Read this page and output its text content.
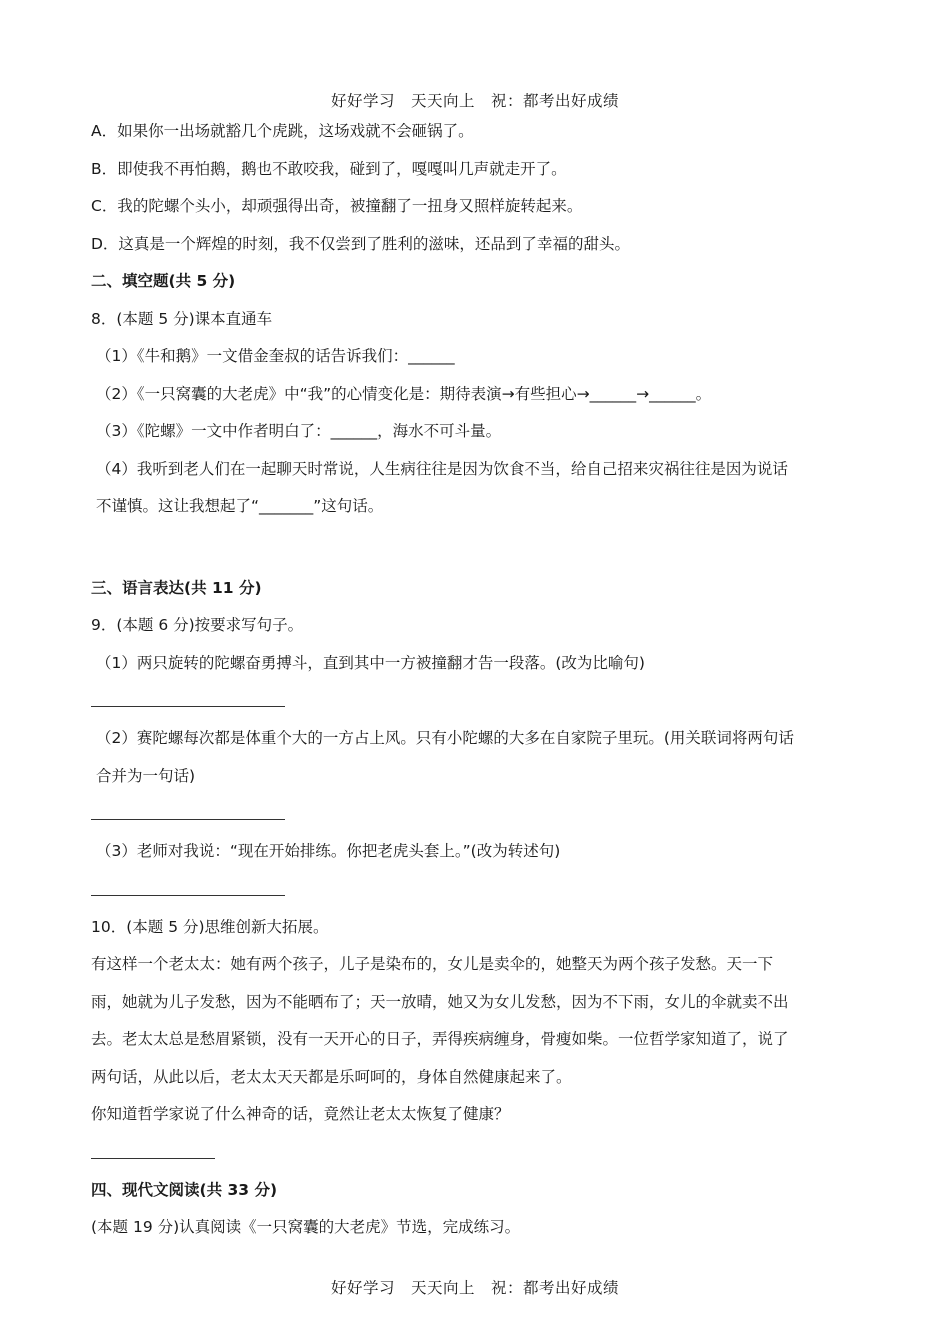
好好学习　天天向上　祝：都考出好成绩
A．如果你一出场就豁几个虎跳，这场戏就不会砸锅了。
B．即使我不再怕鹅，鹅也不敢咬我，碰到了，嘎嘎叫几声就走开了。
C．我的陀螺个头小，却顽强得出奇，被撞翻了一扭身又照样旋转起来。
D．这真是一个辉煌的时刻，我不仅尝到了胜利的滋味，还品到了幸福的甜头。
二、填空题(共 5 分)
8．(本题 5 分)课本直通车
（1）《牛和鹅》一文借金奎叔的话告诉我们：______
（2）《一只窝囊的大老虎》中“我”的心情变化是：期待表演→有些担心→______→______。
（3）《陀螺》一文中作者明白了：______，海水不可斗量。
（4）我听到老人们在一起聊天时常说，人生病往往是因为饮食不当，给自己招来灾祸往往是因为说话不谨慎。这让我想起了“_______”这句话。
三、语言表达(共 11 分)
9．(本题 6 分)按要求写句子。
（1）两只旋转的陀螺奋勇搏斗，直到其中一方被撞翻才告一段落。(改为比喻句)
（2）赛陀螺每次都是体重个大的一方占上风。只有小陀螺的大多在自家院子里玩。(用关联词将两句话合并为一句话)
（3）老师对我说：“现在开始排练。你把老虎头套上。”(改为转述句)
10．(本题 5 分)思维创新大拓展。
有这样一个老太太：她有两个孩子，儿子是染布的，女儿是卖伞的，她整天为两个孩子发愁。天一下雨，她就为儿子发愁，因为不能晒布了；天一放晴，她又为女儿发愁，因为不下雨，女儿的伞就卖不出去。老太太总是愁眉紧锁，没有一天开心的日子，弄得疾病缠身，骨瘦如柴。一位哲学家知道了，说了两句话，从此以后，老太太天天都是乐呵呵的，身体自然健康起来了。
你知道哲学家说了什么神奇的话，竟然让老太太恢复了健康？
四、现代文阅读(共 33 分)
(本题 19 分)认真阅读《一只窝囊的大老虎》节选，完成练习。
好好学习　天天向上　祝：都考出好成绩
